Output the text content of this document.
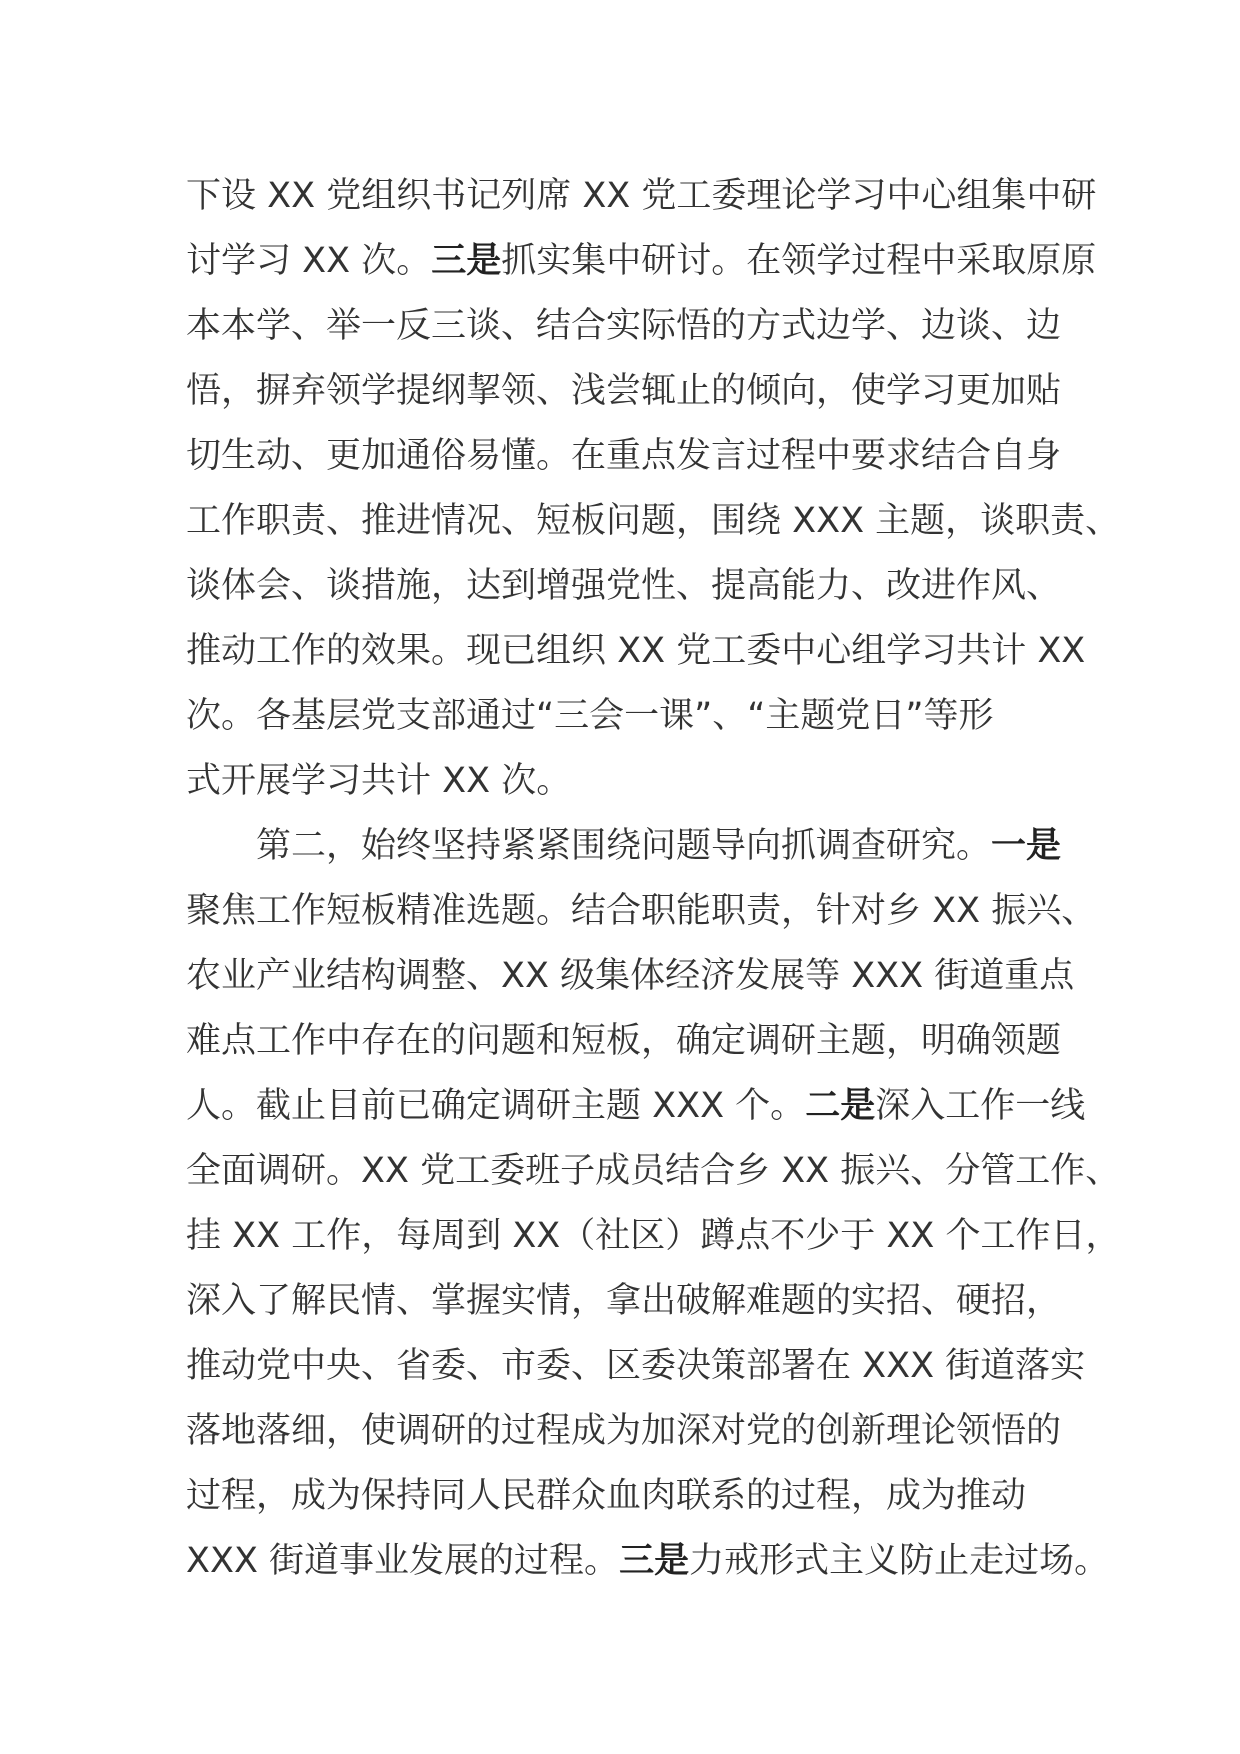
下设 XX 党组织书记列席 XX 党工委理论学习中心组集中研
讨学习 XX 次。三是抓实集中研讨。在领学过程中采取原原
本本学、举一反三谈、结合实际悟的方式边学、边谈、边
悟，摒弃领学提纲挈领、浅尝辄止的倾向，使学习更加贴
切生动、更加通俗易懂。在重点发言过程中要求结合自身
工作职责、推进情况、短板问题，围绕 XXX 主题，谈职责、
谈体会、谈措施，达到增强党性、提高能力、改进作风、
推动工作的效果。现已组织 XX 党工委中心组学习共计 XX
次。各基层党支部通过“三会一课”、“主题党日”等形
式开展学习共计 XX 次。
第二，始终坚持紧紧围绕问题导向抓调查研究。一是
聚焦工作短板精准选题。结合职能职责，针对乡 XX 振兴、
农业产业结构调整、XX 级集体经济发展等 XXX 街道重点
难点工作中存在的问题和短板，确定调研主题，明确领题
人。截止目前已确定调研主题 XXX 个。二是深入工作一线
全面调研。XX 党工委班子成员结合乡 XX 振兴、分管工作、
挂 XX 工作，每周到 XX（社区）蹲点不少于 XX 个工作日，
深入了解民情、掌握实情，拿出破解难题的实招、硬招，
推动党中央、省委、市委、区委决策部署在 XXX 街道落实
落地落细，使调研的过程成为加深对党的创新理论领悟的
过程，成为保持同人民群众血肉联系的过程，成为推动
XXX 街道事业发展的过程。三是力戒形式主义防止走过场。
